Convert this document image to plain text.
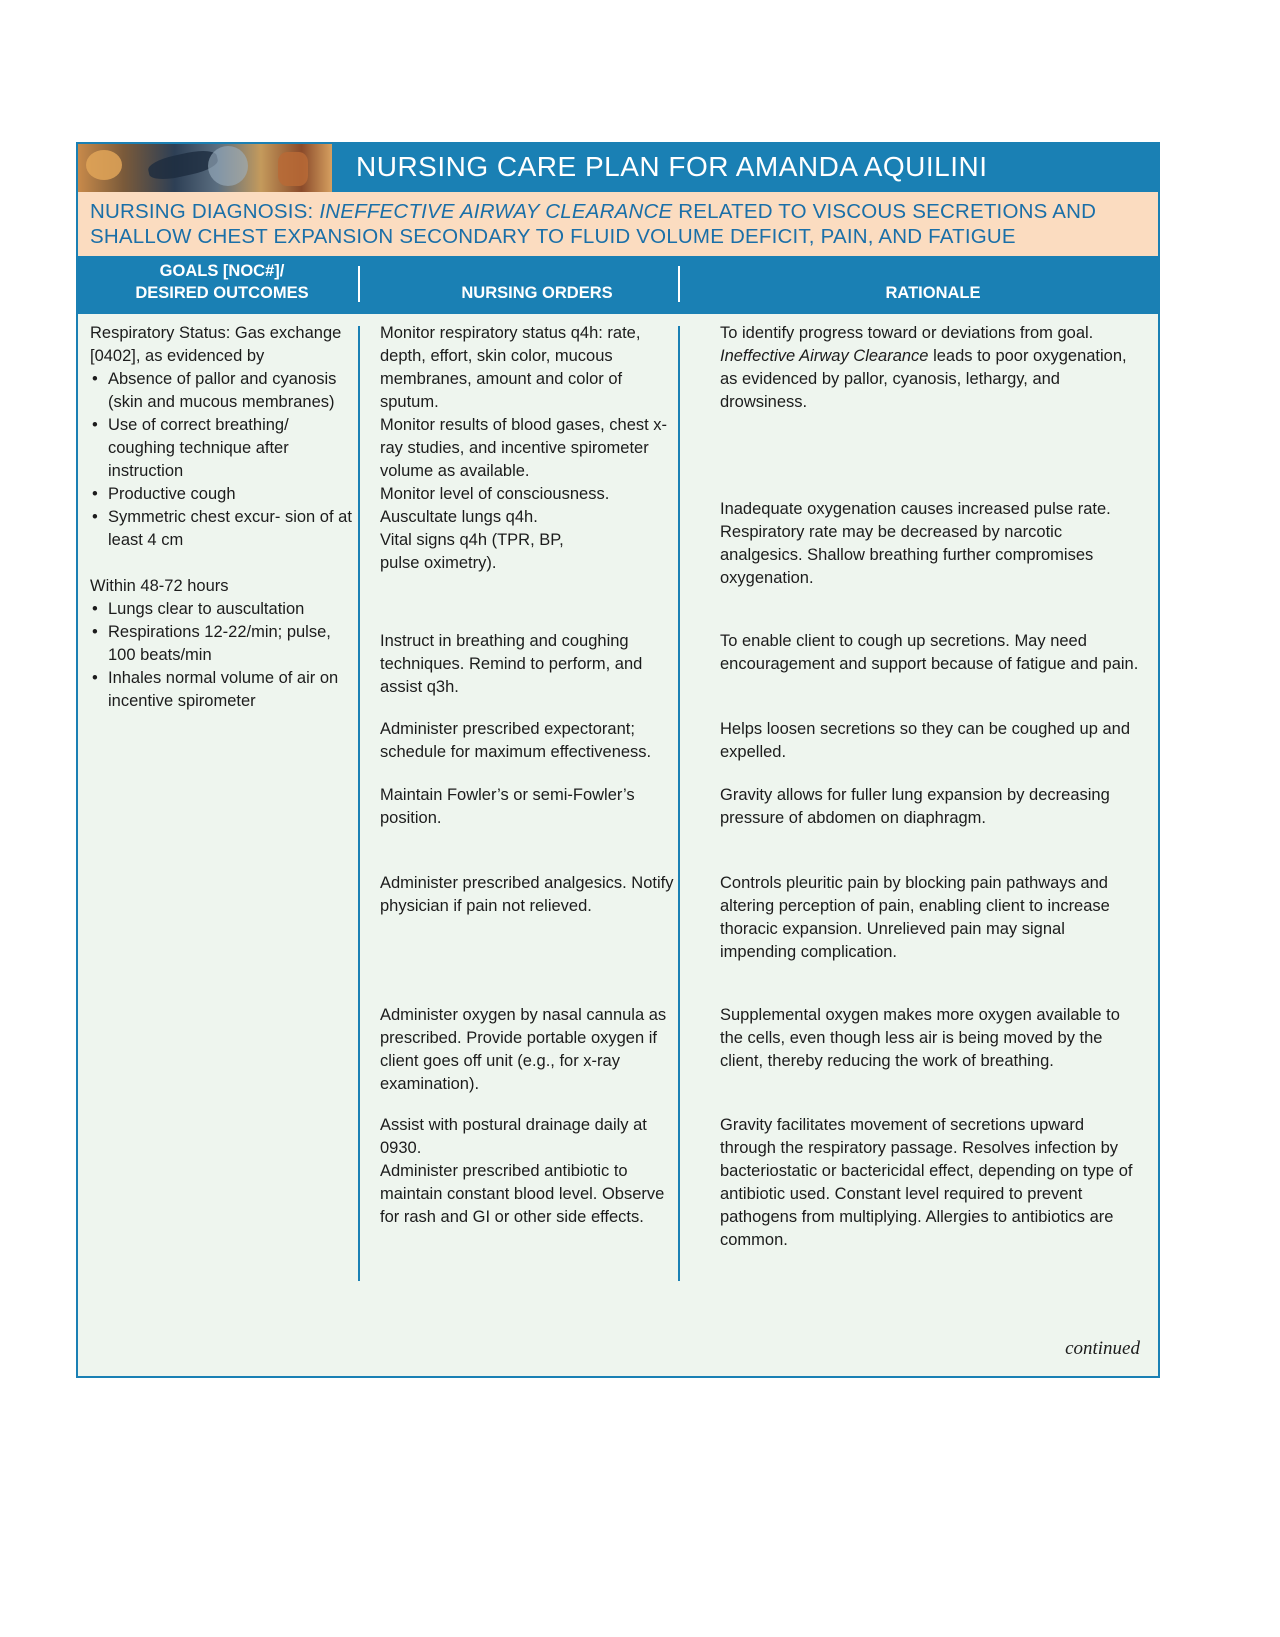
NURSING CARE PLAN FOR AMANDA AQUILINI
NURSING DIAGNOSIS: INEFFECTIVE AIRWAY CLEARANCE RELATED TO VISCOUS SECRETIONS AND SHALLOW CHEST EXPANSION SECONDARY TO FLUID VOLUME DEFICIT, PAIN, AND FATIGUE
GOALS [NOC#]/
DESIRED OUTCOMES	NURSING ORDERS	RATIONALE

Respiratory Status: Gas exchange [0402], as evidenced by

• Absence of pallor and cyanosis (skin and mucous membranes)
• Use of correct breathing/ coughing technique after instruction
• Productive cough
• Symmetric chest excur- sion of at least 4 cm

Within 48-72 hours

• Lungs clear to auscultation
• Respirations 12-22/min; pulse, 100 beats/min
• Inhales normal volume of air on incentive spirometer

Monitor respiratory status q4h: rate, depth, effort, skin color, mucous membranes, amount and color of sputum.
Monitor results of blood gases, chest x-ray studies, and incentive spirometer volume as available.
Monitor level of consciousness.
Auscultate lungs q4h.
Vital signs q4h (TPR, BP,
pulse oximetry).

Instruct in breathing and coughing techniques. Remind to perform, and assist q3h.

Administer prescribed expectorant; schedule for maximum effectiveness.

Maintain Fowler’s or semi-Fowler’s position.

Administer prescribed analgesics. Notify physician if pain not relieved.

Administer oxygen by nasal cannula as prescribed. Provide portable oxygen if client goes off unit (e.g., for x-ray examination).

Assist with postural drainage daily at 0930.
Administer prescribed antibiotic to maintain constant blood level. Observe for rash and GI or other side effects.

To identify progress toward or deviations from goal. Ineffective Airway Clearance leads to poor oxygenation, as evidenced by pallor, cyanosis, lethargy, and drowsiness.

Inadequate oxygenation causes increased pulse rate. Respiratory rate may be decreased by narcotic analgesics. Shallow breathing further compromises oxygenation.

To enable client to cough up secretions. May need encouragement and support because of fatigue and pain.

Helps loosen secretions so they can be coughed up and expelled.

Gravity allows for fuller lung expansion by decreasing pressure of abdomen on diaphragm.

Controls pleuritic pain by blocking pain pathways and altering perception of pain, enabling client to increase thoracic expansion. Unrelieved pain may signal impending complication.

Supplemental oxygen makes more oxygen available to the cells, even though less air is being moved by the client, thereby reducing the work of breathing.

Gravity facilitates movement of secretions upward through the respiratory passage. Resolves infection by bacteriostatic or bactericidal effect, depending on type of antibiotic used. Constant level required to prevent pathogens from multiplying. Allergies to antibiotics are common.

continued
